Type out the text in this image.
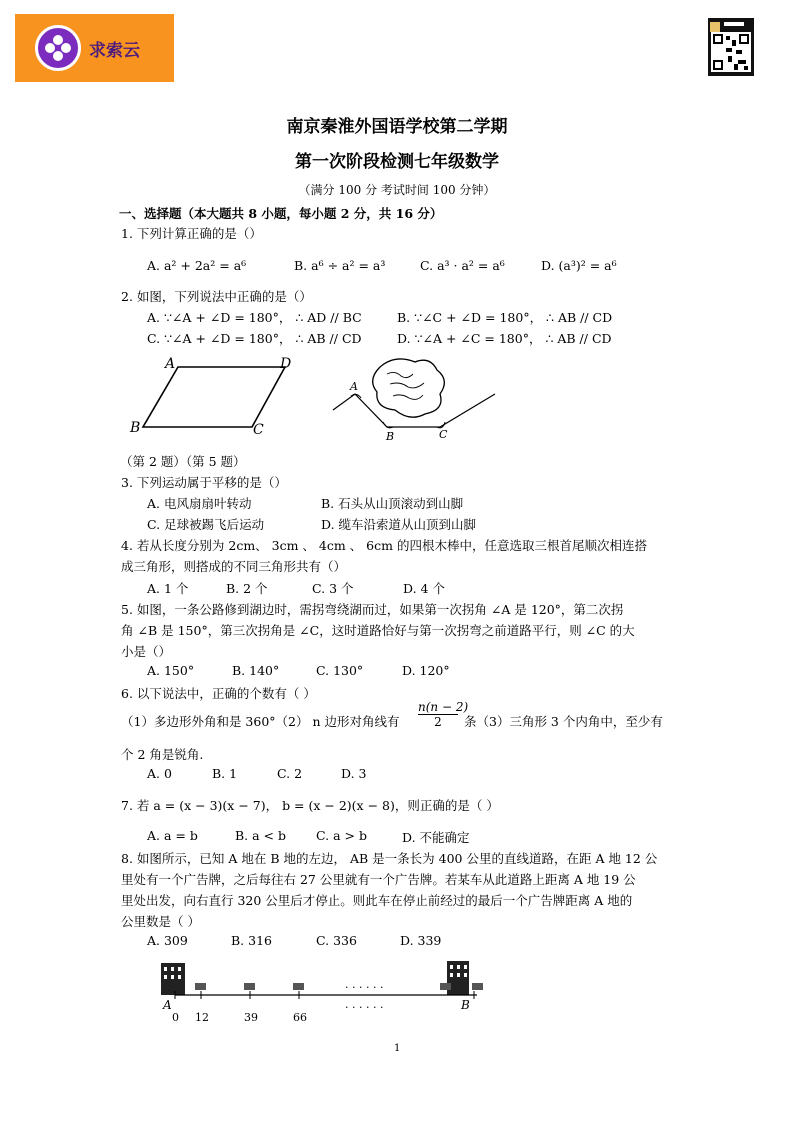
求索云
南京秦淮外国语学校第二学期
第一次阶段检测七年级数学
（满分 100 分 考试时间 100 分钟）
一、选择题（本大题共 8 小题，每小题 2 分，共 16 分）
1. 下列计算正确的是（）
A. a² + 2a² = a⁶	B. a⁶ ÷ a² = a³	C. a³ · a² = a⁶	D. (a³)² = a⁶
2. 如图，下列说法中正确的是（）
A. ∵∠A + ∠D = 180°， ∴ AD // BC	B. ∵∠C + ∠D = 180°， ∴ AB // CD
C. ∵∠A + ∠D = 180°， ∴ AB // CD	D. ∵∠A + ∠C = 180°， ∴ AB // CD
A	D
B	C
A
B	C
（第 2 题）（第 5 题）
3. 下列运动属于平移的是（）
A. 电风扇扇叶转动	B. 石头从山顶滚动到山脚
C. 足球被踢飞后运动	D. 缆车沿索道从山顶到山脚
4. 若从长度分别为 2cm、 3cm 、 4cm 、 6cm 的四根木棒中，任意选取三根首尾顺次相连搭
成三角形，则搭成的不同三角形共有（）
A. 1 个	B. 2 个	C. 3 个	D. 4 个
5. 如图，一条公路修到湖边时，需拐弯绕湖而过，如果第一次拐角 ∠A 是 120°，第二次拐
角 ∠B 是 150°，第三次拐角是 ∠C，这时道路恰好与第一次拐弯之前道路平行，则 ∠C 的大
小是（）
A. 150°	B. 140°	C. 130°	D. 120°
6. 以下说法中，正确的个数有（ ）
（1）多边形外角和是 360°（2） n 边形对角线有 $\frac{n(n - 2)}{2}$ 条（3）三角形 3 个内角中，至少有
个 2 角是锐角.
A. 0	B. 1	C. 2	D. 3
7. 若 a = (x − 3)(x − 7)， b = (x − 2)(x − 8)，则正确的是（ ）
A. a = b	B. a < b C. a > b	D. 不能确定
8. 如图所示，已知 A 地在 B 地的左边， AB 是一条长为 400 公里的直线道路，在距 A 地 12 公
里处有一个广告牌，之后每往右 27 公里就有一个广告牌。若某车从此道路上距离 A 地 19 公
里处出发，向右直行 320 公里后才停止。则此车在停止前经过的最后一个广告牌距离 A 地的
公里数是（ ）
A. 309	B. 316	C. 336	D. 339
· · · · · ·
· · · · · ·
A	B
0 12	39	66
1
